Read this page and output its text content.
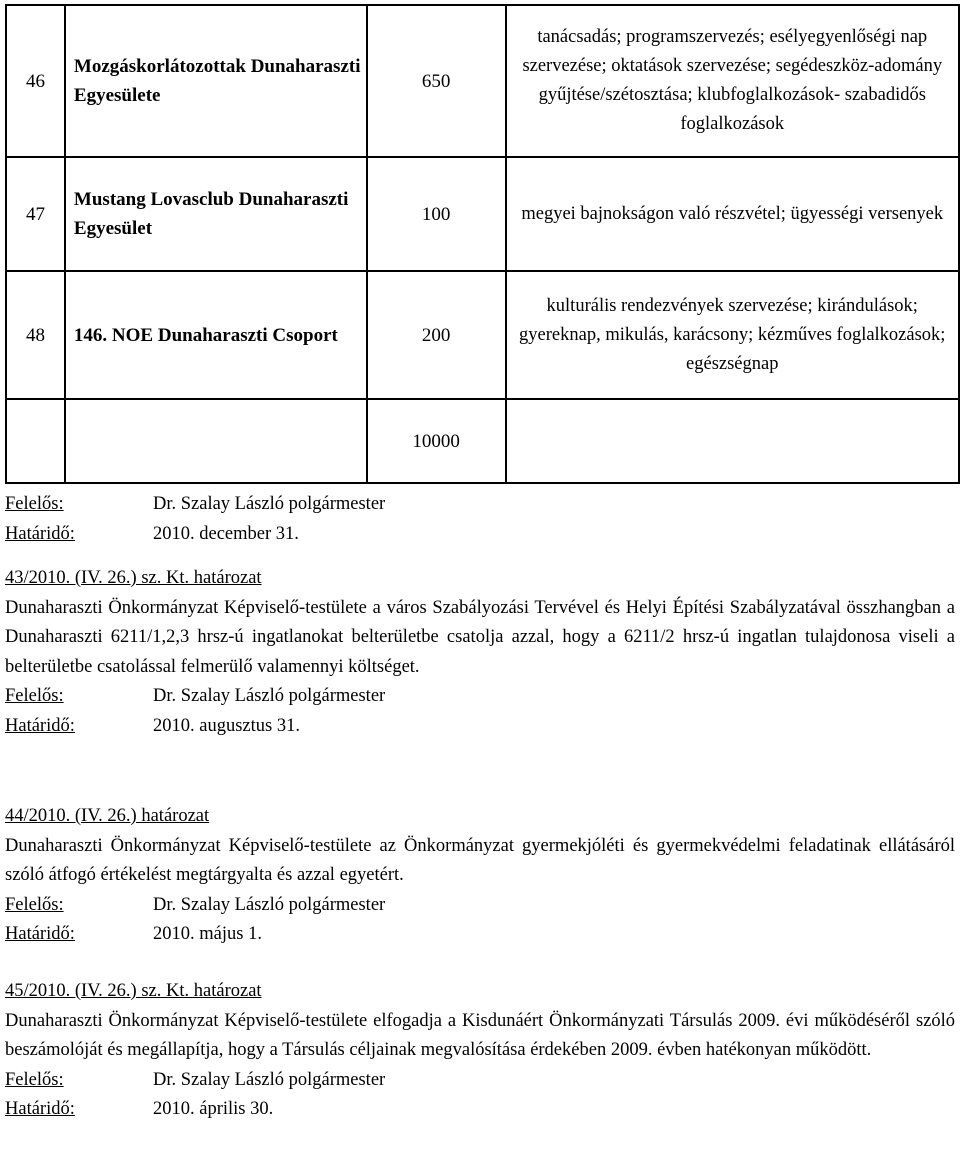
46	Mozgáskorlátozottak Dunaharaszti Egyesülete	650	tanácsadás; programszervezés; esélyegyenlőségi nap szervezése; oktatások szervezése; segédeszköz-adomány gyűjtése/szétosztása; klubfoglalkozások- szabadidős foglalkozások
47	Mustang Lovasclub Dunaharaszti Egyesület	100	megyei bajnokságon való részvétel; ügyességi versenyek
48	146. NOE Dunaharaszti Csoport	200	kulturális rendezvények szervezése; kirándulások; gyereknap, mikulás, karácsony; kézműves foglalkozások; egészségnap
		10000	
Felelős:	Dr. Szalay László polgármester
Határidő:	2010. december 31.
43/2010. (IV. 26.) sz. Kt. határozat
Dunaharaszti Önkormányzat Képviselő-testülete a város Szabályozási Tervével és Helyi Építési Szabályzatával összhangban a Dunaharaszti 6211/1,2,3 hrsz-ú ingatlanokat belterületbe csatolja azzal, hogy a 6211/2 hrsz-ú ingatlan tulajdonosa viseli a belterületbe csatolással felmerülő valamennyi költséget.
Felelős:	Dr. Szalay László polgármester
Határidő:	2010. augusztus 31.
44/2010. (IV. 26.) határozat
Dunaharaszti Önkormányzat Képviselő-testülete az Önkormányzat gyermekjóléti és gyermekvédelmi feladatinak ellátásáról szóló átfogó értékelést megtárgyalta és azzal egyetért.
Felelős:	Dr. Szalay László polgármester
Határidő:	2010. május 1.
45/2010. (IV. 26.) sz. Kt. határozat
Dunaharaszti Önkormányzat Képviselő-testülete elfogadja a Kisdunáért Önkormányzati Társulás 2009. évi működéséről szóló beszámolóját és megállapítja, hogy a Társulás céljainak megvalósítása érdekében 2009. évben hatékonyan működött.
Felelős:	Dr. Szalay László polgármester
Határidő:	2010. április 30.
